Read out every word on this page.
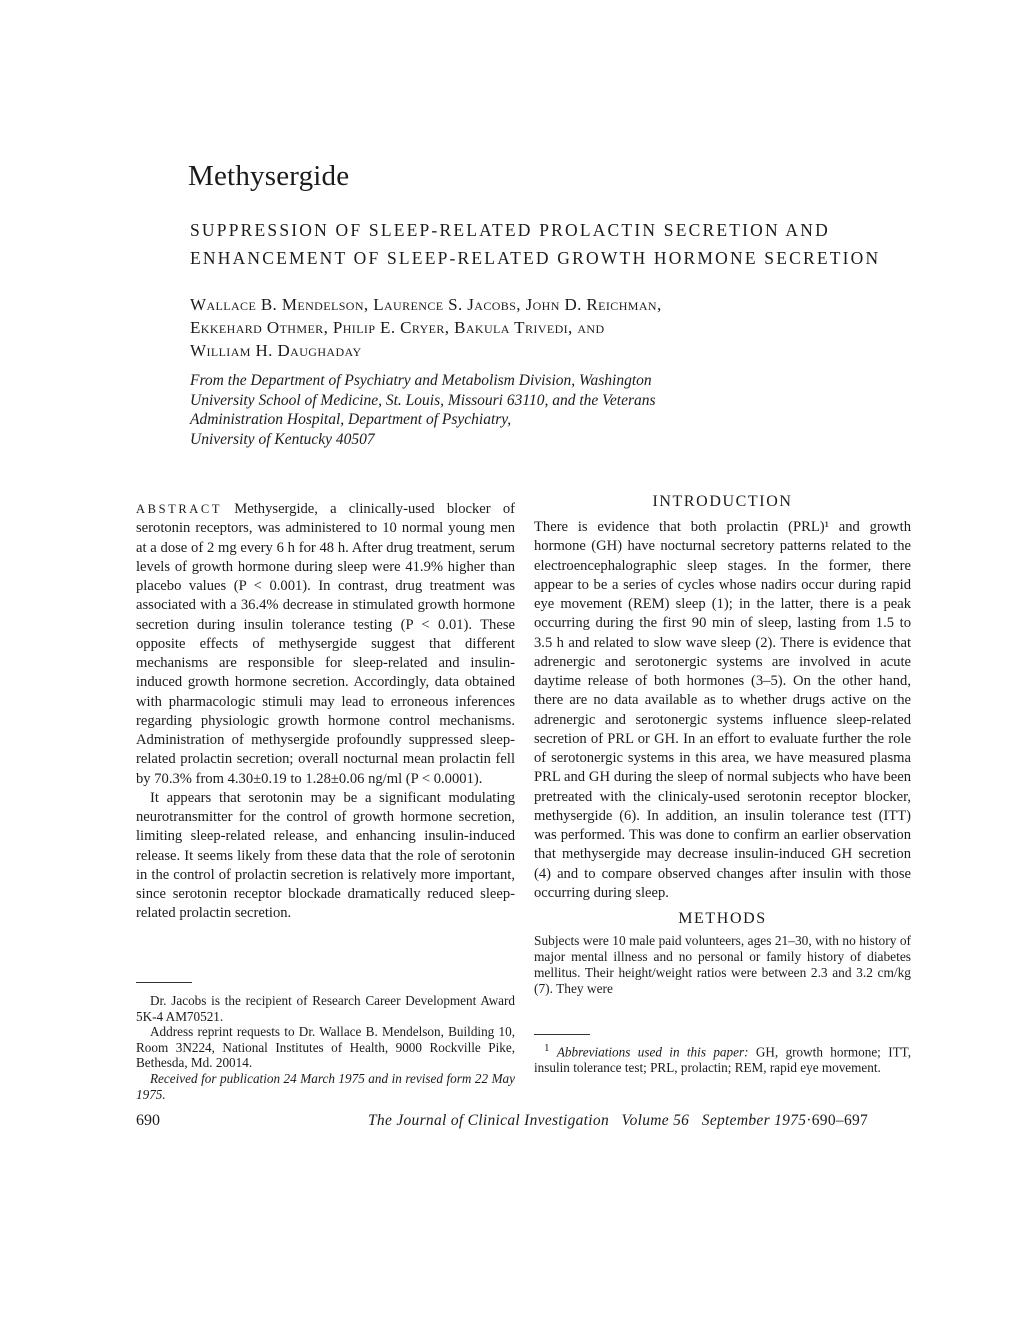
Methysergide
SUPPRESSION OF SLEEP-RELATED PROLACTIN SECRETION AND
ENHANCEMENT OF SLEEP-RELATED GROWTH HORMONE SECRETION
Wallace B. Mendelson, Laurence S. Jacobs, John D. Reichman,
Ekkehard Othmer, Philip E. Cryer, Bakula Trivedi, and
William H. Daughaday
From the Department of Psychiatry and Metabolism Division, Washington
University School of Medicine, St. Louis, Missouri 63110, and the Veterans
Administration Hospital, Department of Psychiatry,
University of Kentucky 40507

ABSTRACT Methysergide, a clinically-used blocker of serotonin receptors, was administered to 10 normal young men at a dose of 2 mg every 6 h for 48 h. After drug treatment, serum levels of growth hormone during sleep were 41.9% higher than placebo values (P < 0.001). In contrast, drug treatment was associated with a 36.4% decrease in stimulated growth hormone secretion during insulin tolerance testing (P < 0.01). These opposite effects of methysergide suggest that different mechanisms are responsible for sleep-related and insulin-induced growth hormone secretion. Accordingly, data obtained with pharmacologic stimuli may lead to erroneous inferences regarding physiologic growth hormone control mechanisms. Administration of methysergide profoundly suppressed sleep-related prolactin secretion; overall nocturnal mean prolactin fell by 70.3% from 4.30±0.19 to 1.28±0.06 ng/ml (P < 0.0001).

It appears that serotonin may be a significant modulating neurotransmitter for the control of growth hormone secretion, limiting sleep-related release, and enhancing insulin-induced release. It seems likely from these data that the role of serotonin in the control of prolactin secretion is relatively more important, since serotonin receptor blockade dramatically reduced sleep-related prolactin secretion.

Dr. Jacobs is the recipient of Research Career Development Award 5K-4 AM70521.

Address reprint requests to Dr. Wallace B. Mendelson, Building 10, Room 3N224, National Institutes of Health, 9000 Rockville Pike, Bethesda, Md. 20014.

Received for publication 24 March 1975 and in revised form 22 May 1975.

INTRODUCTION

There is evidence that both prolactin (PRL)¹ and growth hormone (GH) have nocturnal secretory patterns related to the electroencephalographic sleep stages. In the former, there appear to be a series of cycles whose nadirs occur during rapid eye movement (REM) sleep (1); in the latter, there is a peak occurring during the first 90 min of sleep, lasting from 1.5 to 3.5 h and related to slow wave sleep (2). There is evidence that adrenergic and serotonergic systems are involved in acute daytime release of both hormones (3–5). On the other hand, there are no data available as to whether drugs active on the adrenergic and serotonergic systems influence sleep-related secretion of PRL or GH. In an effort to evaluate further the role of serotonergic systems in this area, we have measured plasma PRL and GH during the sleep of normal subjects who have been pretreated with the clinicaly-used serotonin receptor blocker, methysergide (6). In addition, an insulin tolerance test (ITT) was performed. This was done to confirm an earlier observation that methysergide may decrease insulin-induced GH secretion (4) and to compare observed changes after insulin with those occurring during sleep.

METHODS

Subjects were 10 male paid volunteers, ages 21–30, with no history of major mental illness and no personal or family history of diabetes mellitus. Their height/weight ratios were between 2.3 and 3.2 cm/kg (7). They were

$^1$ Abbreviations used in this paper: GH, growth hormone; ITT, insulin tolerance test; PRL, prolactin; REM, rapid eye movement.

690	The Journal of Clinical Investigation Volume 56 September 1975·690–697
